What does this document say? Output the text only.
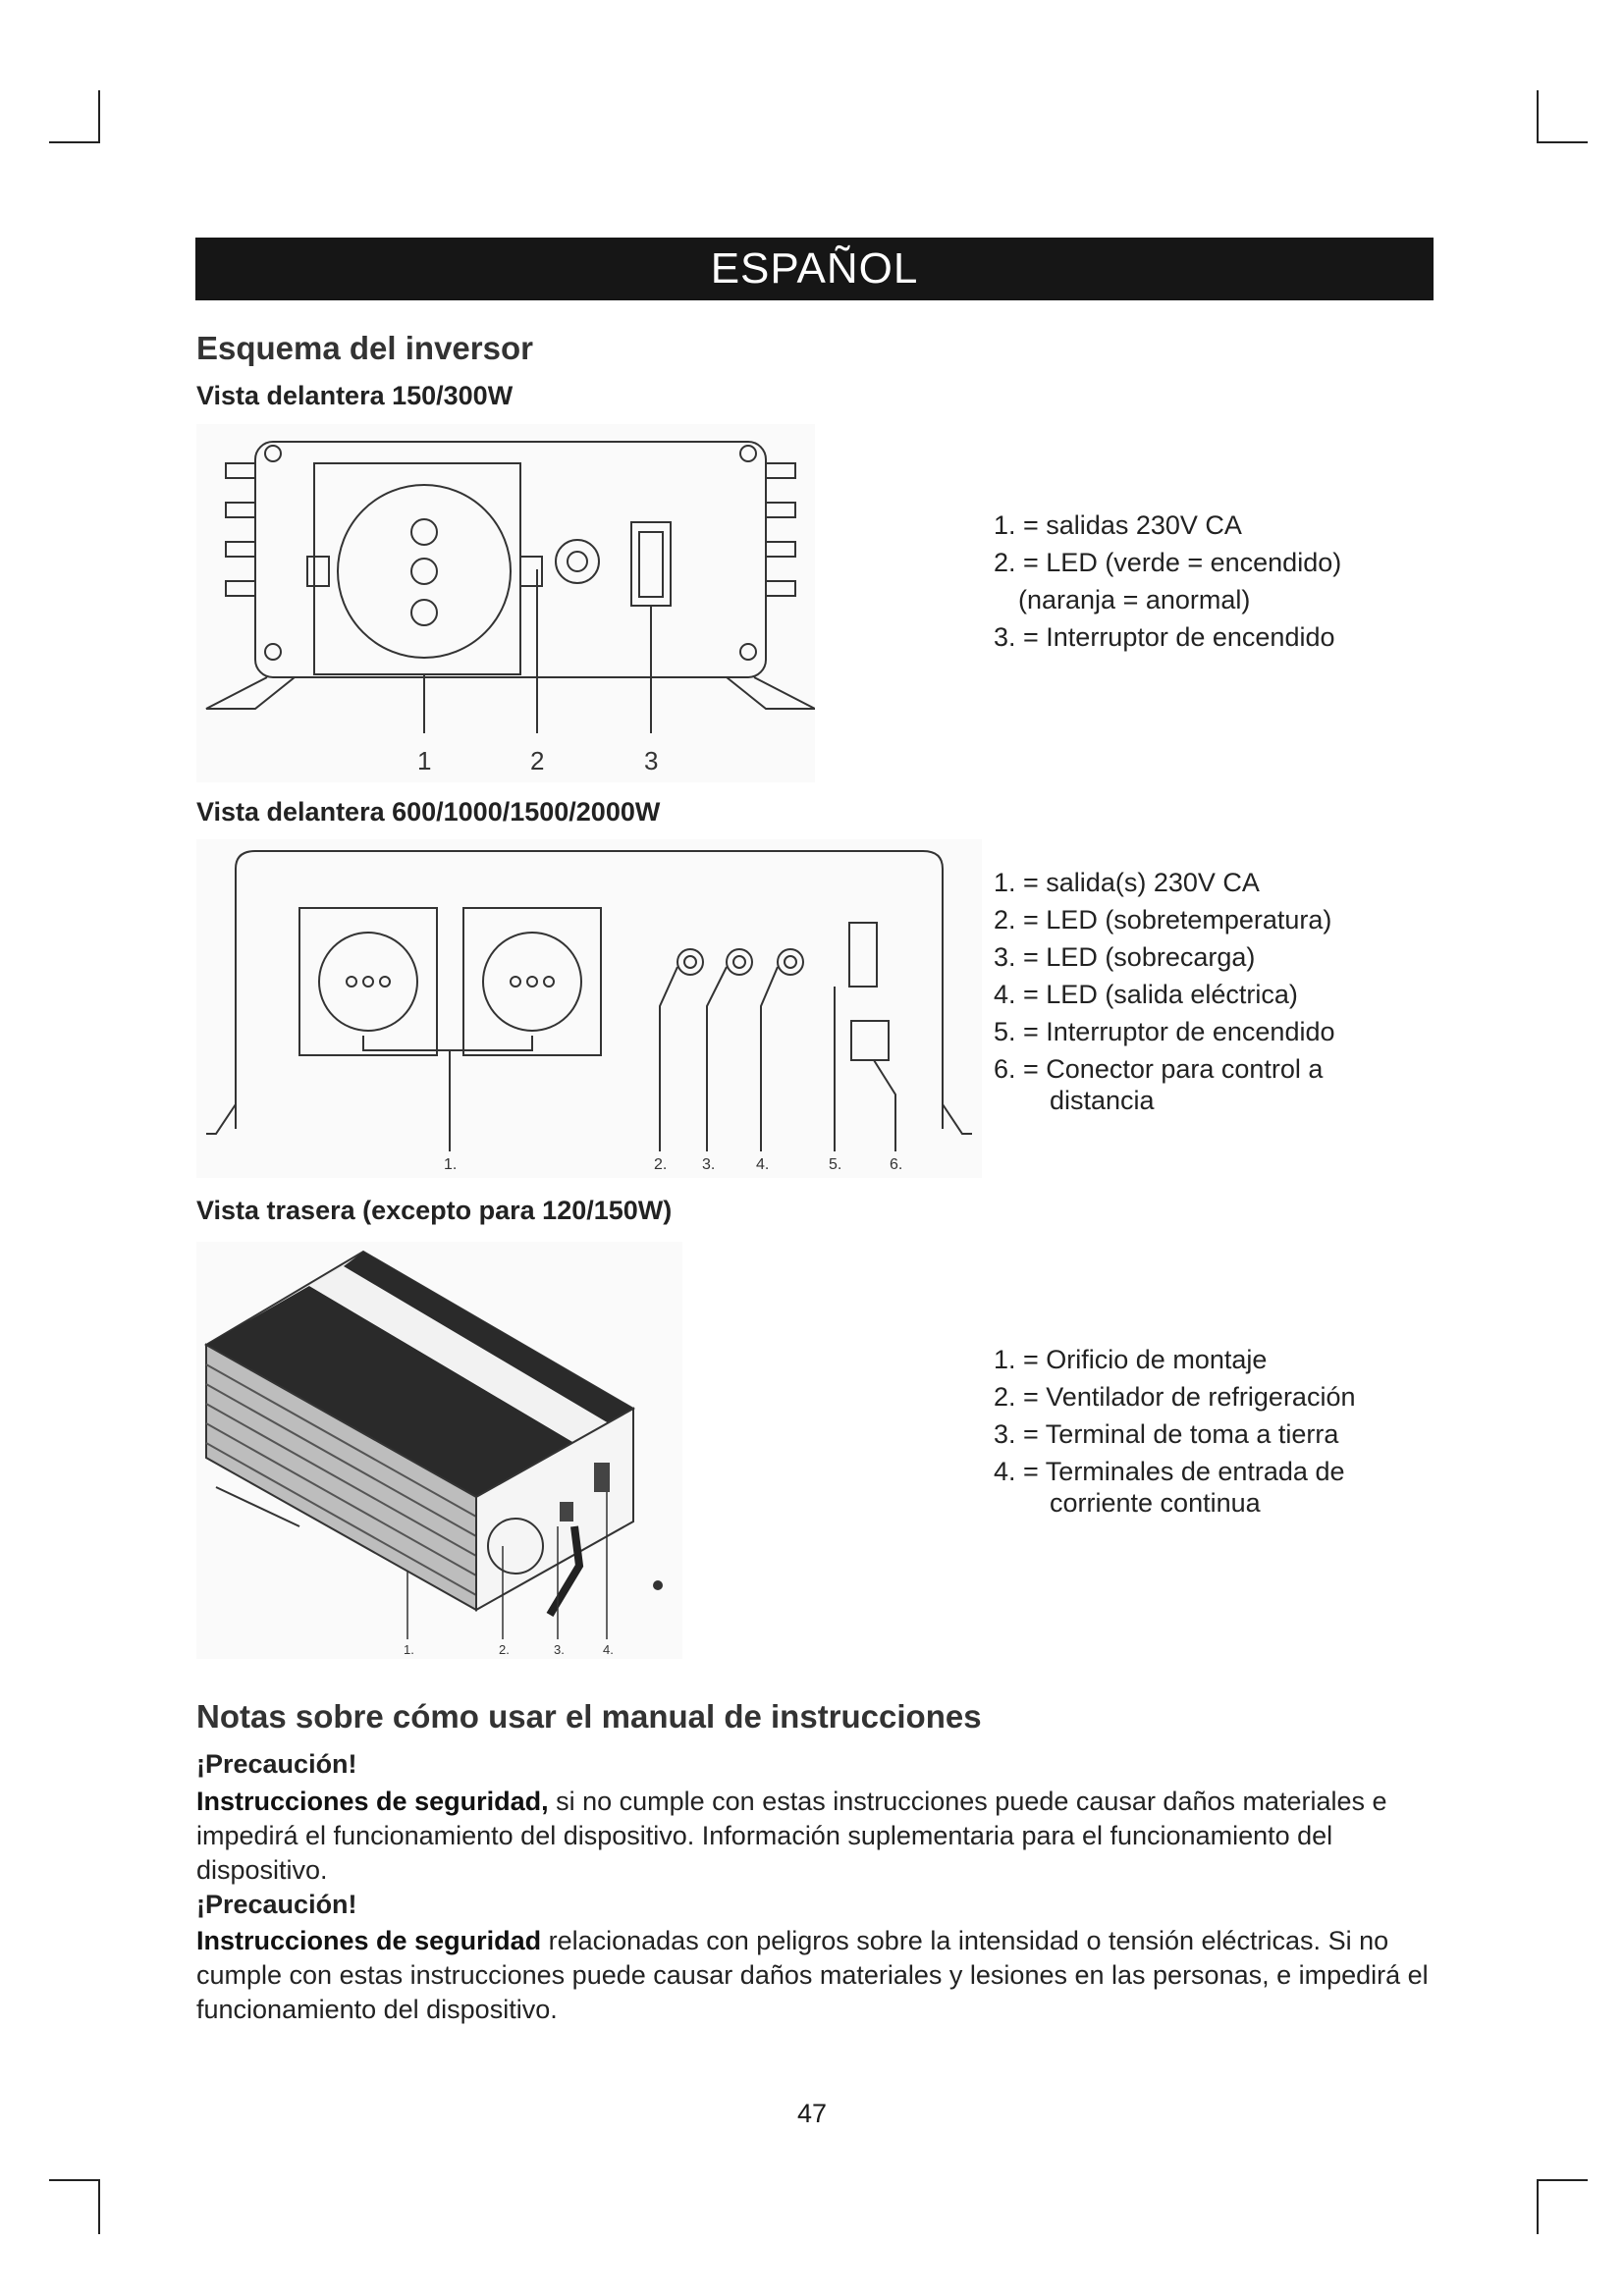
ESPAÑOL
Esquema del inversor
Vista delantera 150/300W
1	2	3
1. = salidas 230V CA
2. = LED (verde = encendido)
(naranja = anormal)
3. = Interruptor de encendido
Vista delantera 600/1000/1500/2000W
1.	2. 3.	4.	5.	6.
1. = salida(s) 230V CA
2. = LED (sobretemperatura)
3. = LED (sobrecarga)
4. = LED (salida eléctrica)
5. = Interruptor de encendido
6. = Conector para control a
distancia
Vista trasera (excepto para 120/150W)
1.	2.	3.	4.
1. = Orificio de montaje
2. = Ventilador de refrigeración
3. = Terminal de toma a tierra
4. = Terminales de entrada de
corriente continua
Notas sobre cómo usar el manual de instrucciones
¡Precaución!
Instrucciones de seguridad, si no cumple con estas instrucciones puede causar daños materiales e impedirá el funcionamiento del dispositivo. Información suplementaria para el funcionamiento del dispositivo.
¡Precaución!
Instrucciones de seguridad relacionadas con peligros sobre la intensidad o tensión eléctricas. Si no cumple con estas instrucciones puede causar daños materiales y lesiones en las personas, e impedirá el funcionamiento del dispositivo.
47
